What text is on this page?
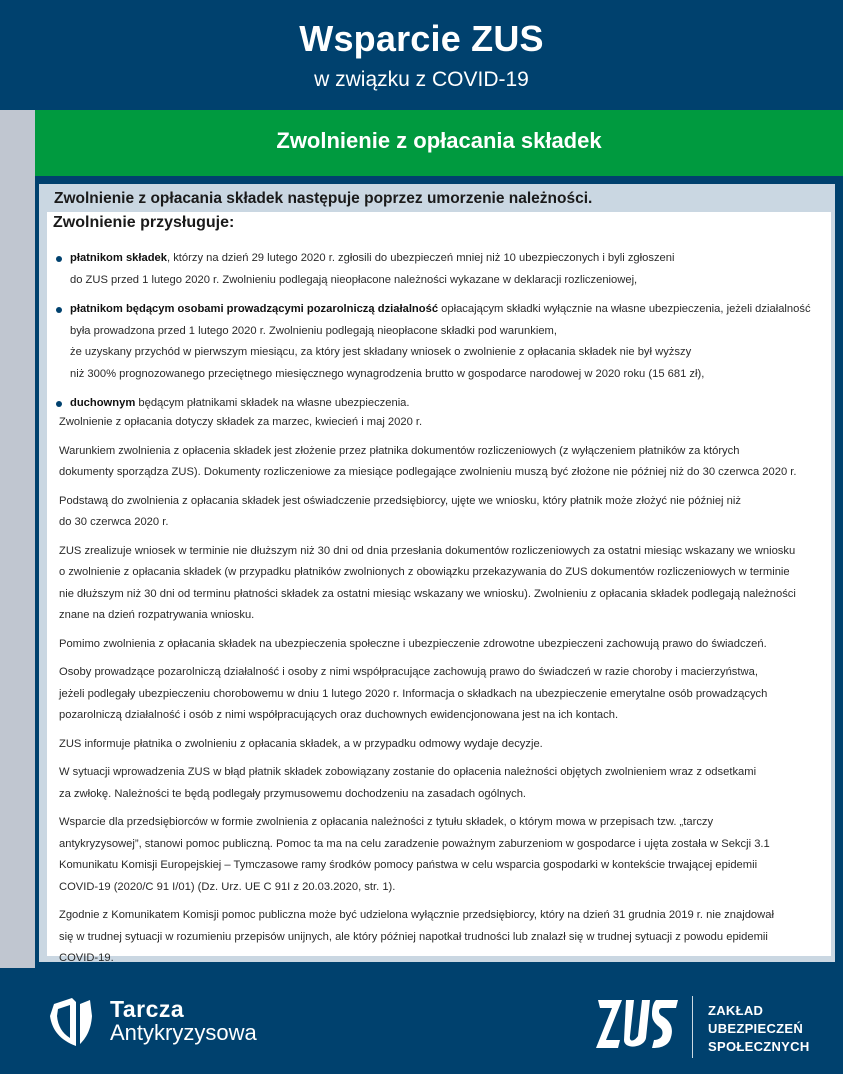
Wsparcie ZUS
w związku z COVID-19
Zwolnienie z opłacania składek
Zwolnienie z opłacania składek następuje poprzez umorzenie należności.
Zwolnienie przysługuje:
płatnikom składek, którzy na dzień 29 lutego 2020 r. zgłosili do ubezpieczeń mniej niż 10 ubezpieczonych i byli zgłoszeni
do ZUS przed 1 lutego 2020 r. Zwolnieniu podlegają nieopłacone należności wykazane w deklaracji rozliczeniowej,
płatnikom będącym osobami prowadzącymi pozarolniczą działalność opłacającym składki wyłącznie na własne ubezpieczenia, jeżeli działalność
była prowadzona przed 1 lutego 2020 r. Zwolnieniu podlegają nieopłacone składki pod warunkiem,
że uzyskany przychód w pierwszym miesiącu, za który jest składany wniosek o zwolnienie z opłacania składek nie był wyższy
niż 300% prognozowanego przeciętnego miesięcznego wynagrodzenia brutto w gospodarce narodowej w 2020 roku (15 681 zł),
duchownym będącym płatnikami składek na własne ubezpieczenia.
Zwolnienie z opłacania dotyczy składek za marzec, kwiecień i maj 2020 r.
Warunkiem zwolnienia z opłacenia składek jest złożenie przez płatnika dokumentów rozliczeniowych (z wyłączeniem płatników za których
dokumenty sporządza ZUS). Dokumenty rozliczeniowe za miesiące podlegające zwolnieniu muszą być złożone nie później niż do 30 czerwca 2020 r.
Podstawą do zwolnienia z opłacania składek jest oświadczenie przedsiębiorcy, ujęte we wniosku, który płatnik może złożyć nie później niż
do 30 czerwca 2020 r.
ZUS zrealizuje wniosek w terminie nie dłuższym niż 30 dni od dnia przesłania dokumentów rozliczeniowych za ostatni miesiąc wskazany we wniosku
o zwolnienie z opłacania składek (w przypadku płatników zwolnionych z obowiązku przekazywania do ZUS dokumentów rozliczeniowych w terminie
nie dłuższym niż 30 dni od terminu płatności składek za ostatni miesiąc wskazany we wniosku). Zwolnieniu z opłacania składek podlegają należności
znane na dzień rozpatrywania wniosku.
Pomimo zwolnienia z opłacania składek na ubezpieczenia społeczne i ubezpieczenie zdrowotne ubezpieczeni zachowują prawo do świadczeń.
Osoby prowadzące pozarolniczą działalność i osoby z nimi współpracujące zachowują prawo do świadczeń w razie choroby i macierzyństwa,
jeżeli podlegały ubezpieczeniu chorobowemu w dniu 1 lutego 2020 r. Informacja o składkach na ubezpieczenie emerytalne osób prowadzących
pozarolniczą działalność i osób z nimi współpracujących oraz duchownych ewidencjonowana jest na ich kontach.
ZUS informuje płatnika o zwolnieniu z opłacania składek, a w przypadku odmowy wydaje decyzje.
W sytuacji wprowadzenia ZUS w błąd płatnik składek zobowiązany zostanie do opłacenia należności objętych zwolnieniem wraz z odsetkami
za zwłokę. Należności te będą podlegały przymusowemu dochodzeniu na zasadach ogólnych.
Wsparcie dla przedsiębiorców w formie zwolnienia z opłacania należności z tytułu składek, o którym mowa w przepisach tzw. „tarczy
antykryzysowej”, stanowi pomoc publiczną. Pomoc ta ma na celu zaradzenie poważnym zaburzeniom w gospodarce i ujęta została w Sekcji 3.1
Komunikatu Komisji Europejskiej – Tymczasowe ramy środków pomocy państwa w celu wsparcia gospodarki w kontekście trwającej epidemii
COVID-19 (2020/C 91 I/01) (Dz. Urz. UE C 91I z 20.03.2020, str. 1).
Zgodnie z Komunikatem Komisji pomoc publiczna może być udzielona wyłącznie przedsiębiorcy, który na dzień 31 grudnia 2019 r. nie znajdował
się w trudnej sytuacji w rozumieniu przepisów unijnych, ale który później napotkał trudności lub znalazł się w trudnej sytuacji z powodu epidemii
COVID-19.
Tarcza
Antykryzysowa
ZAKŁAD
UBEZPIECZEŃ
SPOŁECZNYCH
